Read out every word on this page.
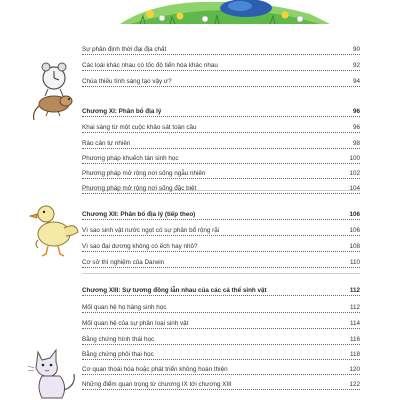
Sự phân định thời đại địa chất	90
Các loài khác nhau có tốc độ tiến hóa khác nhau	92
Chúa thiếu tính sáng tạo vậy ư?	94
Chương XI: Phân bổ địa lý	96
Khai sáng từ một cuộc khảo sát toàn cầu	96
Rào cản tự nhiên	98
Phương pháp khuếch tán sinh học	100
Phương pháp mở rộng nơi sống ngẫu nhiên	102
Phương pháp mở rộng nơi sống đặc biệt	104
Chương XII: Phân bổ địa lý (tiếp theo)	106
Vì sao sinh vật nước ngọt có sự phân bổ rộng rãi	106
Vì sao đại dương không có ếch hay nhô?	108
Cơ sở thí nghiệm của Darwin	110
Chương XIII: Sự tương đồng lẫn nhau của các cá thể sinh vật	112
Mối quan hệ họ hàng sinh học	112
Mối quan hệ của sự phân loại sinh vật	114
Bằng chứng hình thái học	116
Bằng chứng phôi thai học	118
Cơ quan thoái hóa hoặc phát triển không hoàn thiện	120
Những điểm quan trọng từ chương IX tới chương XIII	122
